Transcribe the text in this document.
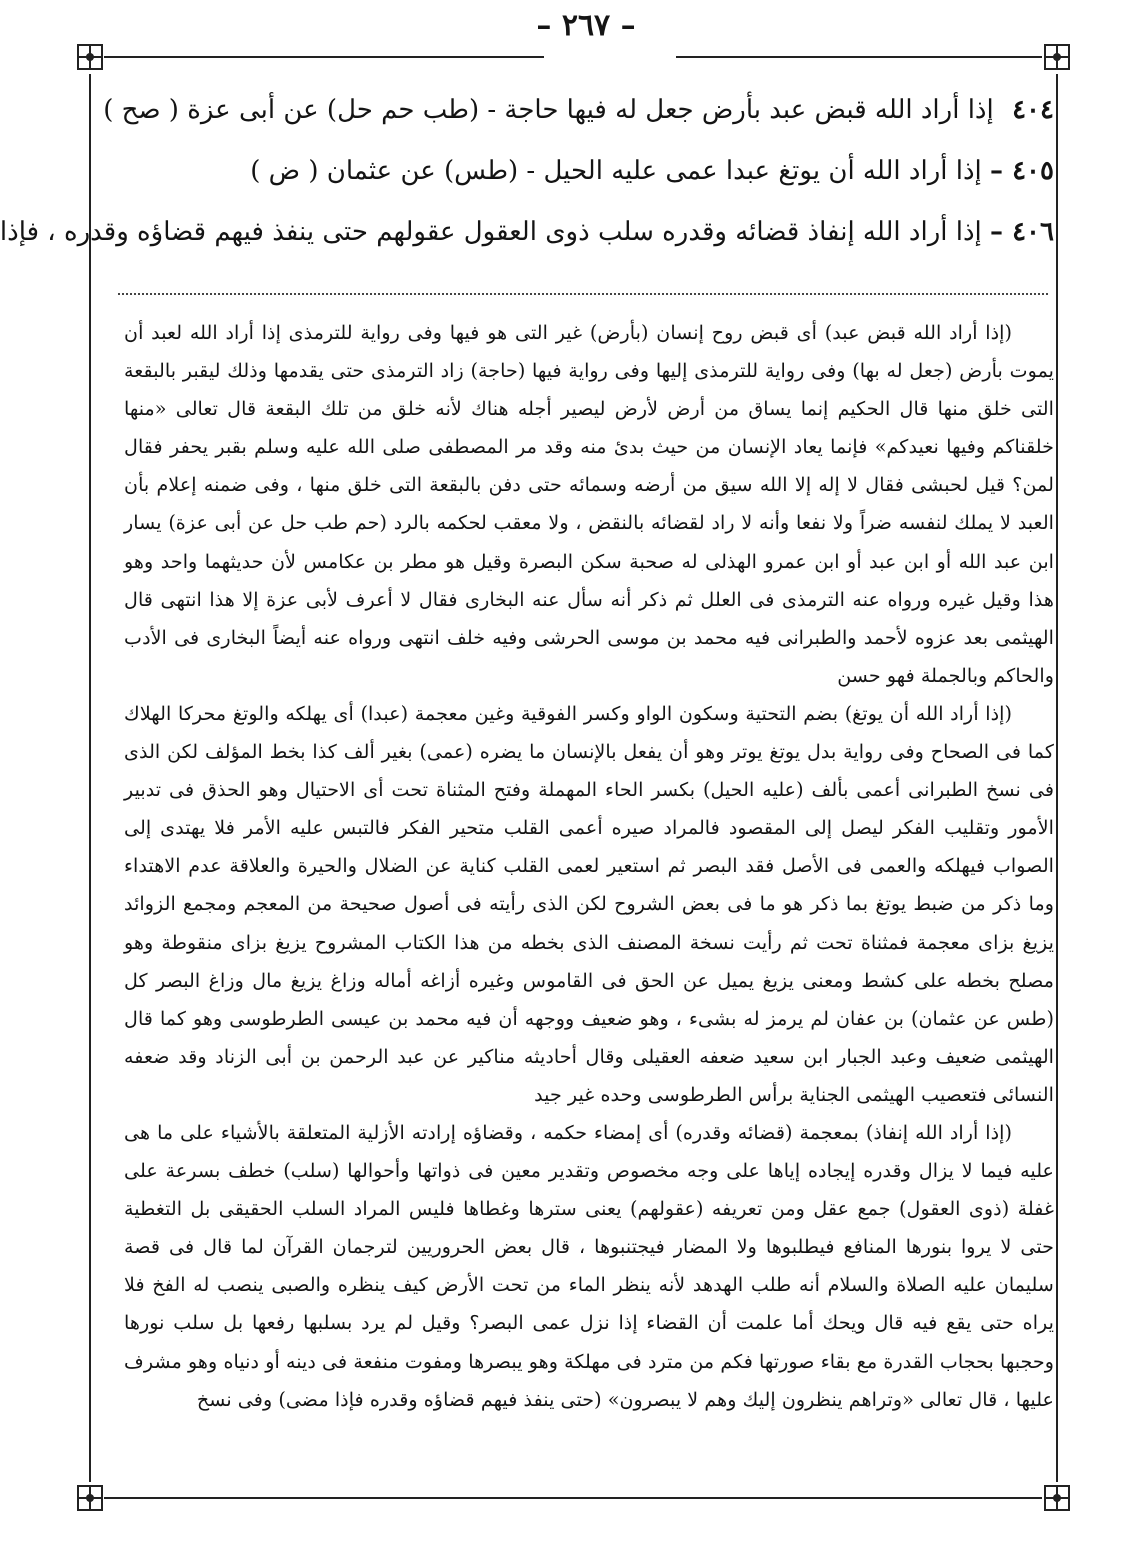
– ٢٦٧ –
٤٠٤ إذا أراد الله قبض عبد بأرض جعل له فيها حاجة - (طب حم حل) عن أبى عزة ( صح )
٤٠٥ – إذا أراد الله أن يوتغ عبدا عمى عليه الحيل - (طس) عن عثمان ( ض )
٤٠٦ – إذا أراد الله إنفاذ قضائه وقدره سلب ذوى العقول عقولهم حتى ينفذ فيهم قضاؤه وقدره ، فإذا

(إذا أراد الله قبض عبد) أى قبض روح إنسان (بأرض) غير التى هو فيها وفى رواية للترمذى إذا أراد الله لعبد أن يموت بأرض (جعل له بها) وفى رواية للترمذى إليها وفى رواية فيها (حاجة) زاد الترمذى حتى يقدمها وذلك ليقبر بالبقعة التى خلق منها قال الحكيم إنما يساق من أرض لأرض ليصير أجله هناك لأنه خلق من تلك البقعة قال تعالى «منها خلقناكم وفيها نعيدكم» فإنما يعاد الإنسان من حيث بدئ منه وقد مر المصطفى صلى الله عليه وسلم بقبر يحفر فقال لمن؟ قيل لحبشى فقال لا إله إلا الله سيق من أرضه وسمائه حتى دفن بالبقعة التى خلق منها ، وفى ضمنه إعلام بأن العبد لا يملك لنفسه ضراً ولا نفعا وأنه لا راد لقضائه بالنقض ، ولا معقب لحكمه بالرد (حم طب حل عن أبى عزة) يسار ابن عبد الله أو ابن عبد أو ابن عمرو الهذلى له صحبة سكن البصرة وقيل هو مطر بن عكامس لأن حديثهما واحد وهو هذا وقيل غيره ورواه عنه الترمذى فى العلل ثم ذكر أنه سأل عنه البخارى فقال لا أعرف لأبى عزة إلا هذا انتهى قال الهيثمى بعد عزوه لأحمد والطبرانى فيه محمد بن موسى الحرشى وفيه خلف انتهى ورواه عنه أيضاً البخارى فى الأدب والحاكم وبالجملة فهو حسن

(إذا أراد الله أن يوتغ) بضم التحتية وسكون الواو وكسر الفوقية وغين معجمة (عبدا) أى يهلكه والوتغ محركا الهلاك كما فى الصحاح وفى رواية بدل يوتغ يوتر وهو أن يفعل بالإنسان ما يضره (عمى) بغير ألف كذا بخط المؤلف لكن الذى فى نسخ الطبرانى أعمى بألف (عليه الحيل) بكسر الحاء المهملة وفتح المثناة تحت أى الاحتيال وهو الحذق فى تدبير الأمور وتقليب الفكر ليصل إلى المقصود فالمراد صيره أعمى القلب متحير الفكر فالتبس عليه الأمر فلا يهتدى إلى الصواب فيهلكه والعمى فى الأصل فقد البصر ثم استعير لعمى القلب كناية عن الضلال والحيرة والعلاقة عدم الاهتداء وما ذكر من ضبط يوتغ بما ذكر هو ما فى بعض الشروح لكن الذى رأيته فى أصول صحيحة من المعجم ومجمع الزوائد يزيغ بزاى معجمة فمثناة تحت ثم رأيت نسخة المصنف الذى بخطه من هذا الكتاب المشروح يزيغ بزاى منقوطة وهو مصلح بخطه على كشط ومعنى يزيغ يميل عن الحق فى القاموس وغيره أزاغه أماله وزاغ يزيغ مال وزاغ البصر كل (طس عن عثمان) بن عفان لم يرمز له بشىء ، وهو ضعيف ووجهه أن فيه محمد بن عيسى الطرطوسى وهو كما قال الهيثمى ضعيف وعبد الجبار ابن سعيد ضعفه العقيلى وقال أحاديثه مناكير عن عبد الرحمن بن أبى الزناد وقد ضعفه النسائى فتعصيب الهيثمى الجناية برأس الطرطوسى وحده غير جيد

(إذا أراد الله إنفاذ) بمعجمة (قضائه وقدره) أى إمضاء حكمه ، وقضاؤه إرادته الأزلية المتعلقة بالأشياء على ما هى عليه فيما لا يزال وقدره إيجاده إياها على وجه مخصوص وتقدير معين فى ذواتها وأحوالها (سلب) خطف بسرعة على غفلة (ذوى العقول) جمع عقل ومن تعريفه (عقولهم) يعنى سترها وغطاها فليس المراد السلب الحقيقى بل التغطية حتى لا يروا بنورها المنافع فيطلبوها ولا المضار فيجتنبوها ، قال بعض الحروريين لترجمان القرآن لما قال فى قصة سليمان عليه الصلاة والسلام أنه طلب الهدهد لأنه ينظر الماء من تحت الأرض كيف ينظره والصبى ينصب له الفخ فلا يراه حتى يقع فيه قال ويحك أما علمت أن القضاء إذا نزل عمى البصر؟ وقيل لم يرد بسلبها رفعها بل سلب نورها وحجبها بحجاب القدرة مع بقاء صورتها فكم من مترد فى مهلكة وهو يبصرها ومفوت منفعة فى دينه أو دنياه وهو مشرف عليها ، قال تعالى «وتراهم ينظرون إليك وهم لا يبصرون» (حتى ينفذ فيهم قضاؤه وقدره فإذا مضى) وفى نسخ
